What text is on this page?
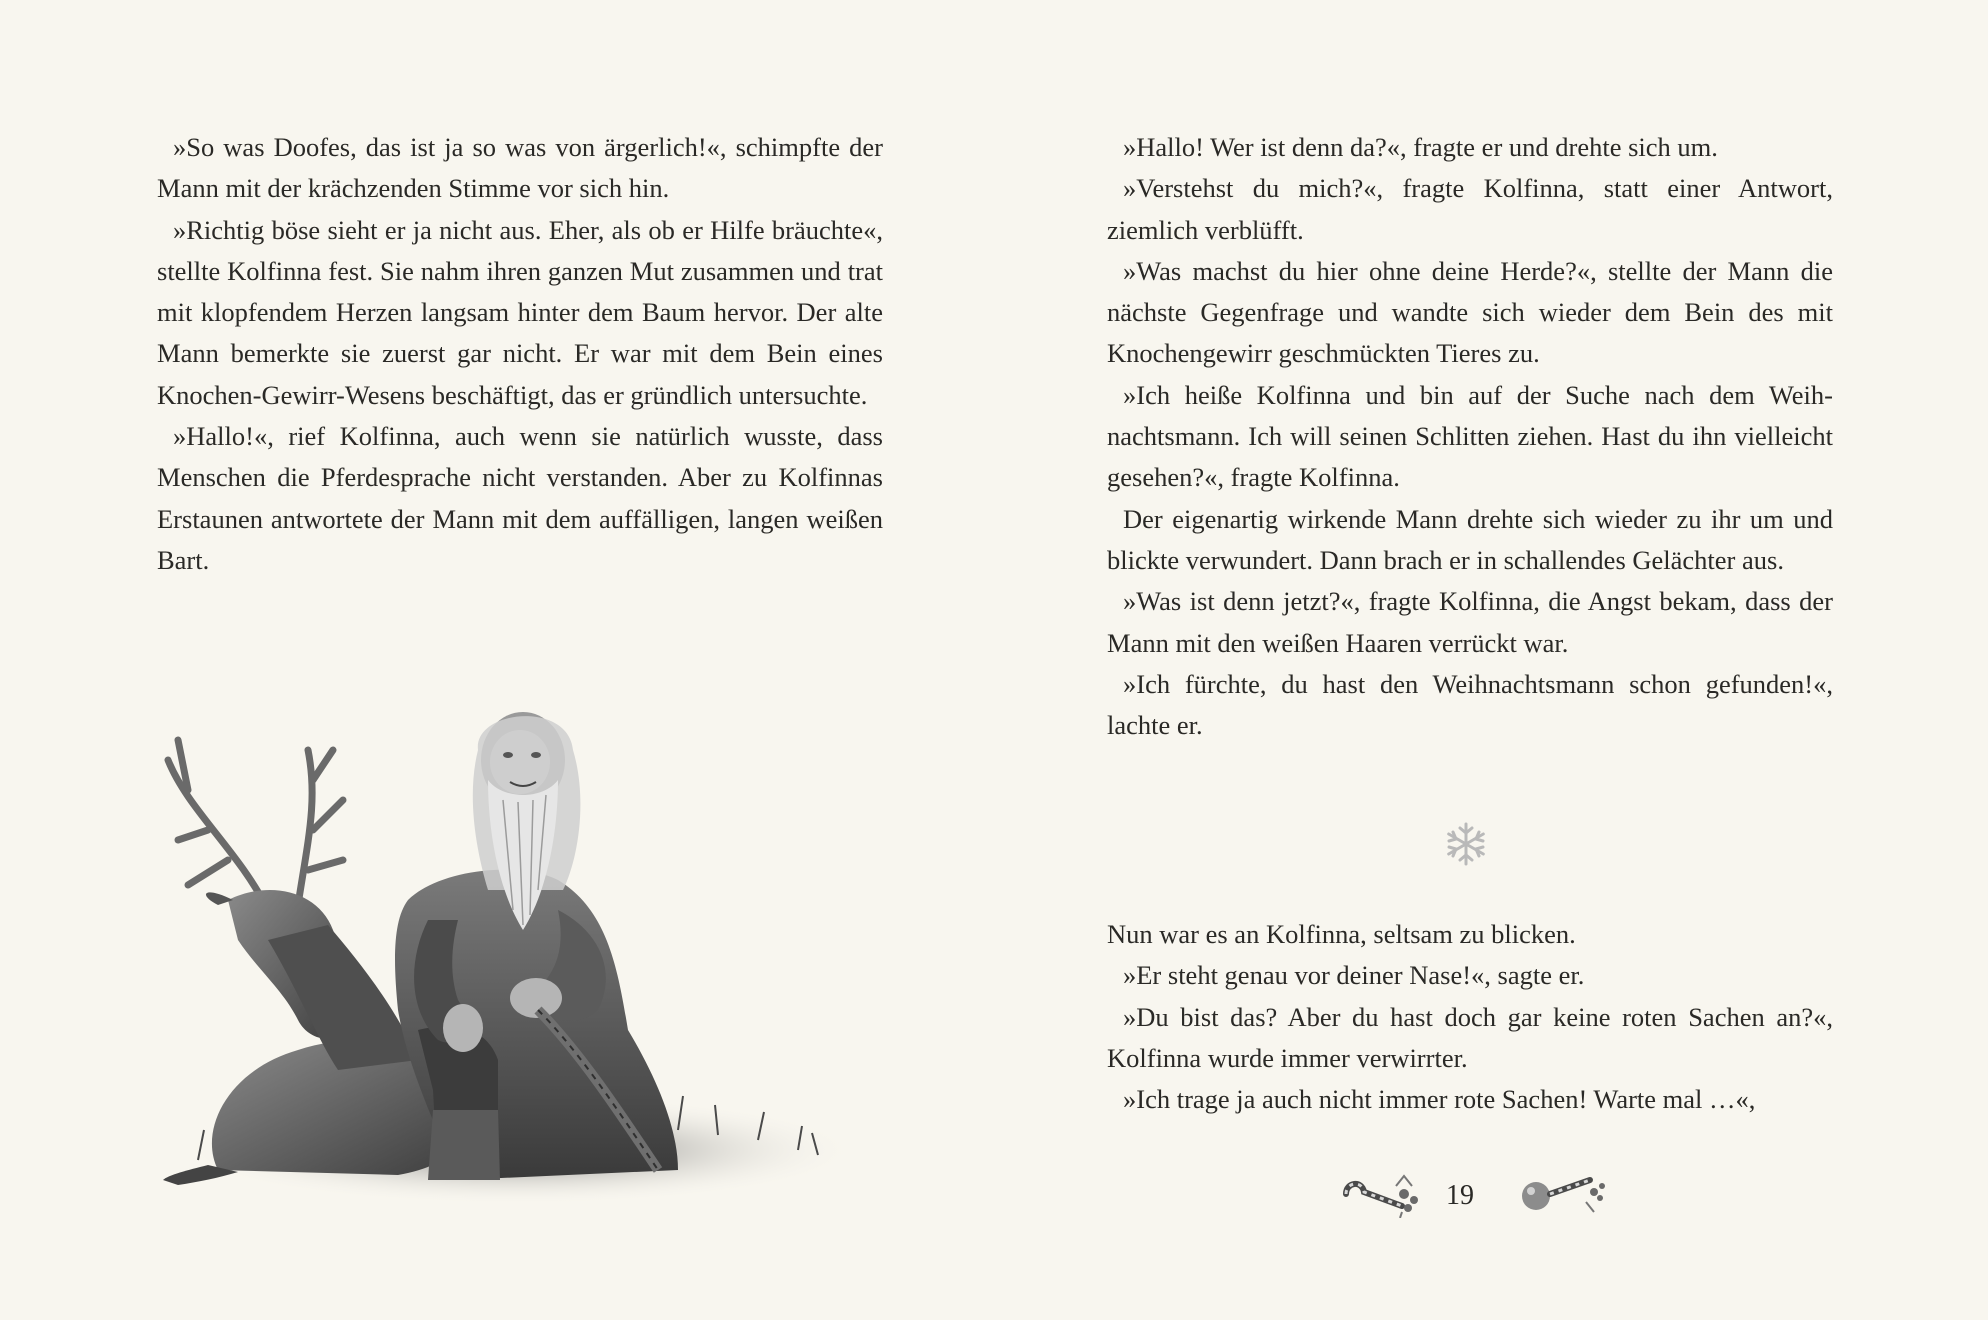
»So was Doofes, das ist ja so was von ärgerlich!«, schimpfte der Mann mit der krächzenden Stimme vor sich hin.

»Richtig böse sieht er ja nicht aus. Eher, als ob er Hilfe bräuchte«, stellte Kolfinna fest. Sie nahm ihren ganzen Mut zusammen und trat mit klopfendem Herzen langsam hinter dem Baum hervor. Der alte Mann bemerkte sie zuerst gar nicht. Er war mit dem Bein eines Knochen-Gewirr-Wesens beschäftigt, das er gründlich untersuchte.

»Hallo!«, rief Kolfinna, auch wenn sie natürlich wusste, dass Menschen die Pferdesprache nicht verstanden. Aber zu Kolfinnas Erstaunen antwortete der Mann mit dem auffälligen, langen weißen Bart.

»Hallo! Wer ist denn da?«, fragte er und drehte sich um.

»Verstehst du mich?«, fragte Kolfinna, statt einer Antwort, ziemlich verblüfft.

»Was machst du hier ohne deine Herde?«, stellte der Mann die nächste Gegenfrage und wandte sich wieder dem Bein des mit Knochengewirr geschmückten Tieres zu.

»Ich heiße Kolfinna und bin auf der Suche nach dem Weihnachtsmann. Ich will seinen Schlitten ziehen. Hast du ihn vielleicht gesehen?«, fragte Kolfinna.

Der eigenartig wirkende Mann drehte sich wieder zu ihr um und blickte verwundert. Dann brach er in schallendes Gelächter aus.

»Was ist denn jetzt?«, fragte Kolfinna, die Angst bekam, dass der Mann mit den weißen Haaren verrückt war.

»Ich fürchte, du hast den Weihnachtsmann schon gefunden!«, lachte er.

Nun war es an Kolfinna, seltsam zu blicken.

»Er steht genau vor deiner Nase!«, sagte er.

»Du bist das? Aber du hast doch gar keine roten Sachen an?«, Kolfinna wurde immer verwirrter.

»Ich trage ja auch nicht immer rote Sachen! Warte mal …«,

19
